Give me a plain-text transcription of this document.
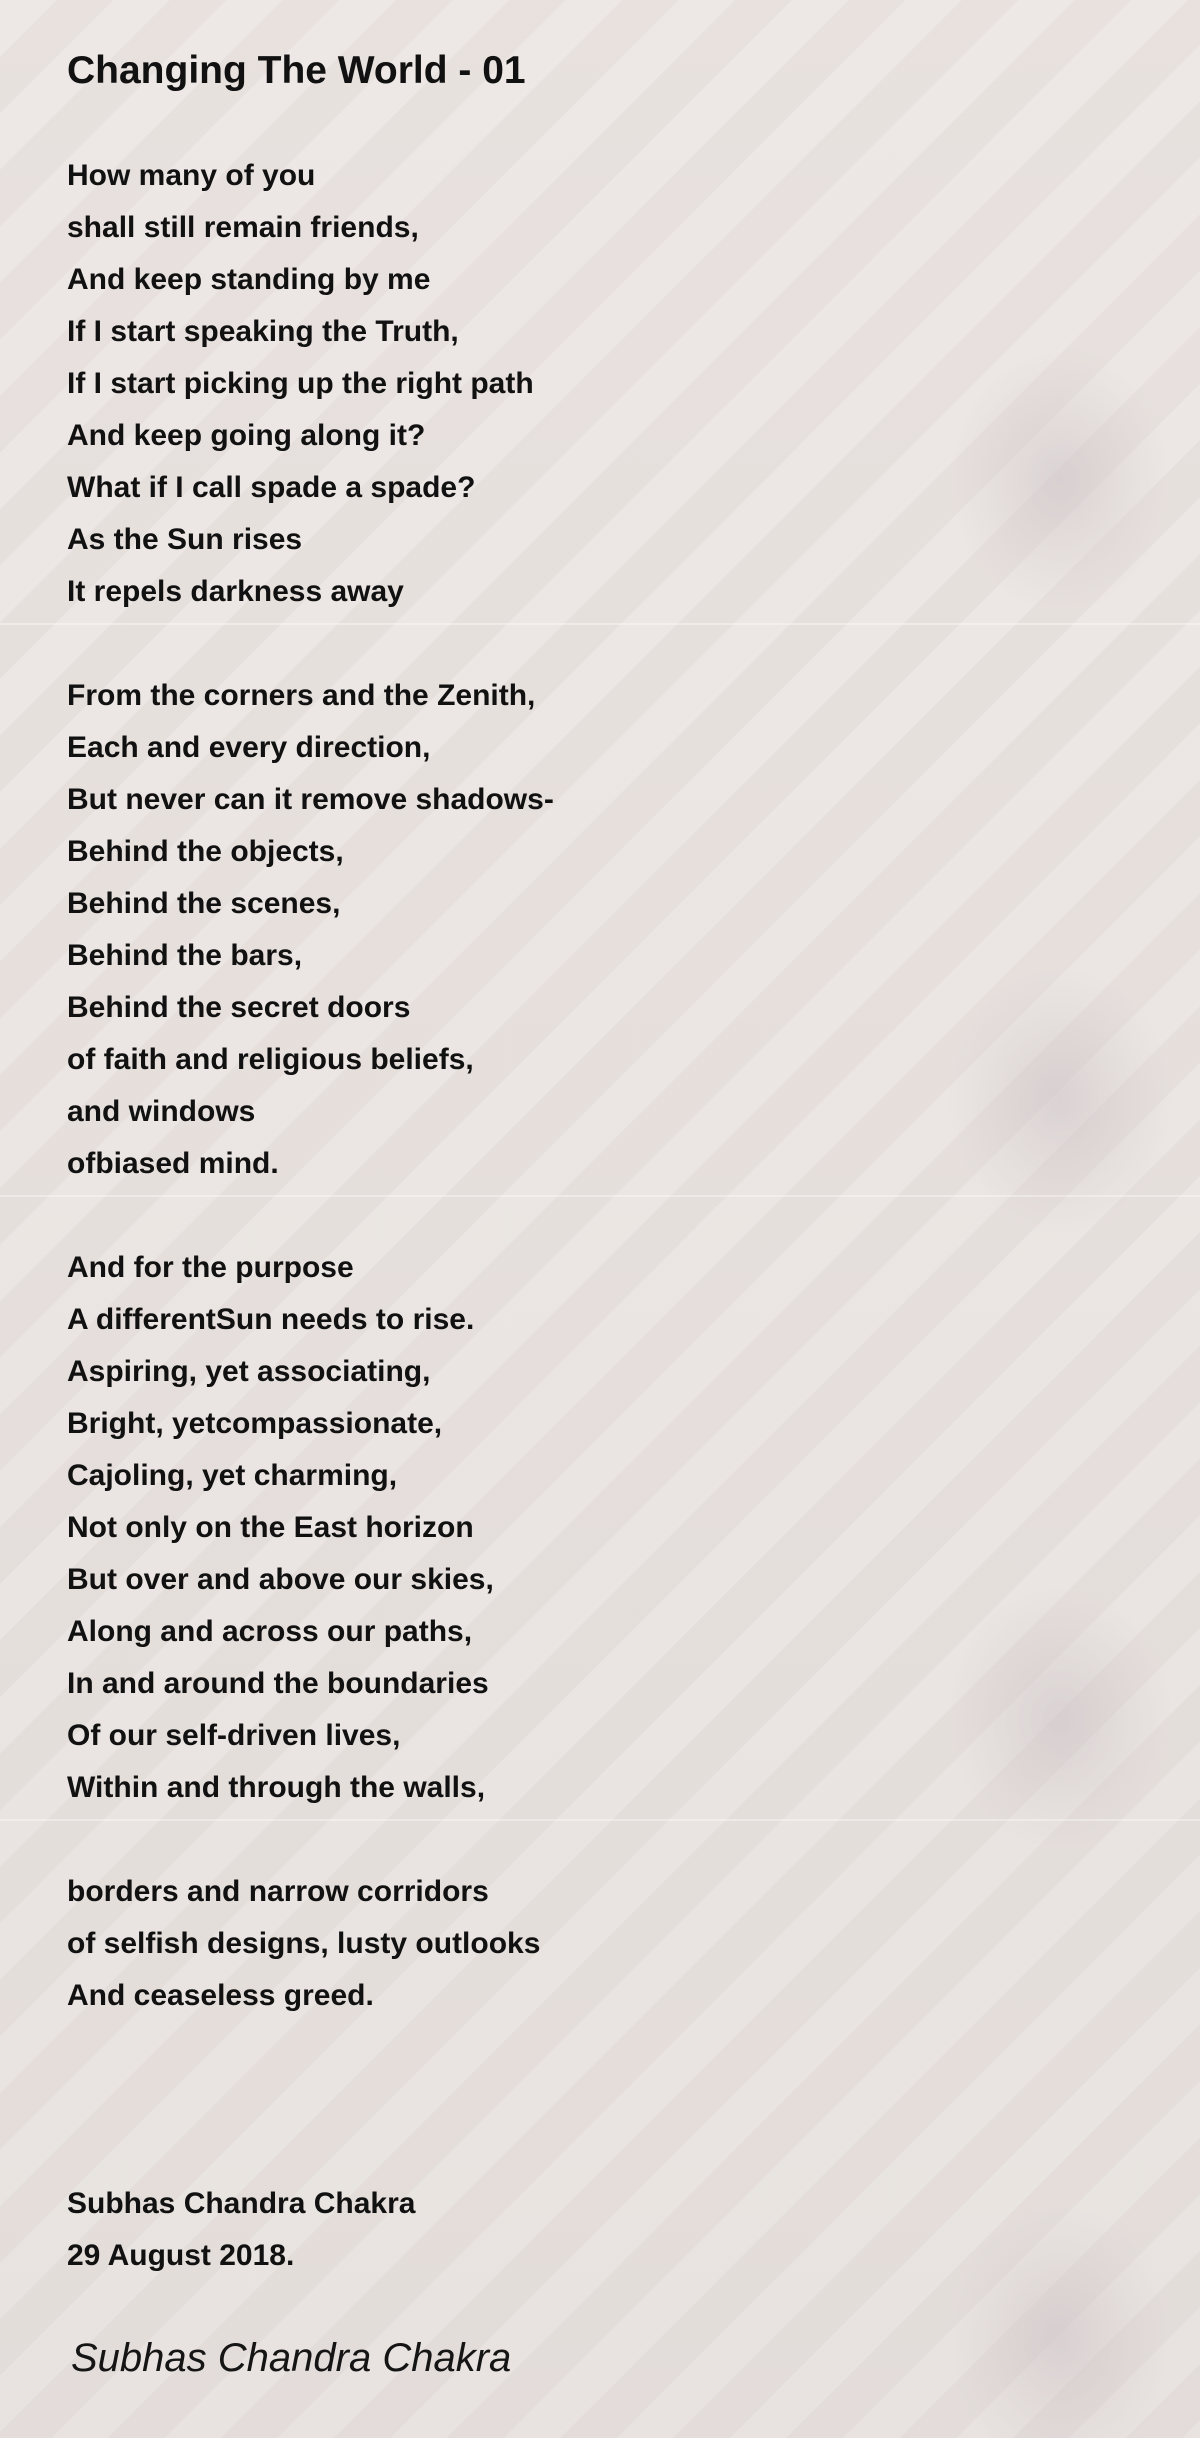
Changing The World - 01
How many of you
shall still remain friends,
And keep standing by me
If I start speaking the Truth,
If I start picking up the right path
And keep going along it?
What if I call spade a spade?
As the Sun rises
It repels darkness away
From the corners and the Zenith,
Each and every direction,
But never can it remove shadows-
Behind the objects,
Behind the scenes,
Behind the bars,
Behind the secret doors
of faith and religious beliefs,
and windows
ofbiased mind.
And for the purpose
A differentSun needs to rise.
Aspiring, yet associating,
Bright, yetcompassionate,
Cajoling, yet charming,
Not only on the East horizon
But over and above our skies,
Along and across our paths,
In and around the boundaries
Of our self-driven lives,
Within and through the walls,
borders and narrow corridors
of selfish designs, lusty outlooks
And ceaseless greed.
Subhas Chandra Chakra
29 August 2018.
Subhas Chandra Chakra
